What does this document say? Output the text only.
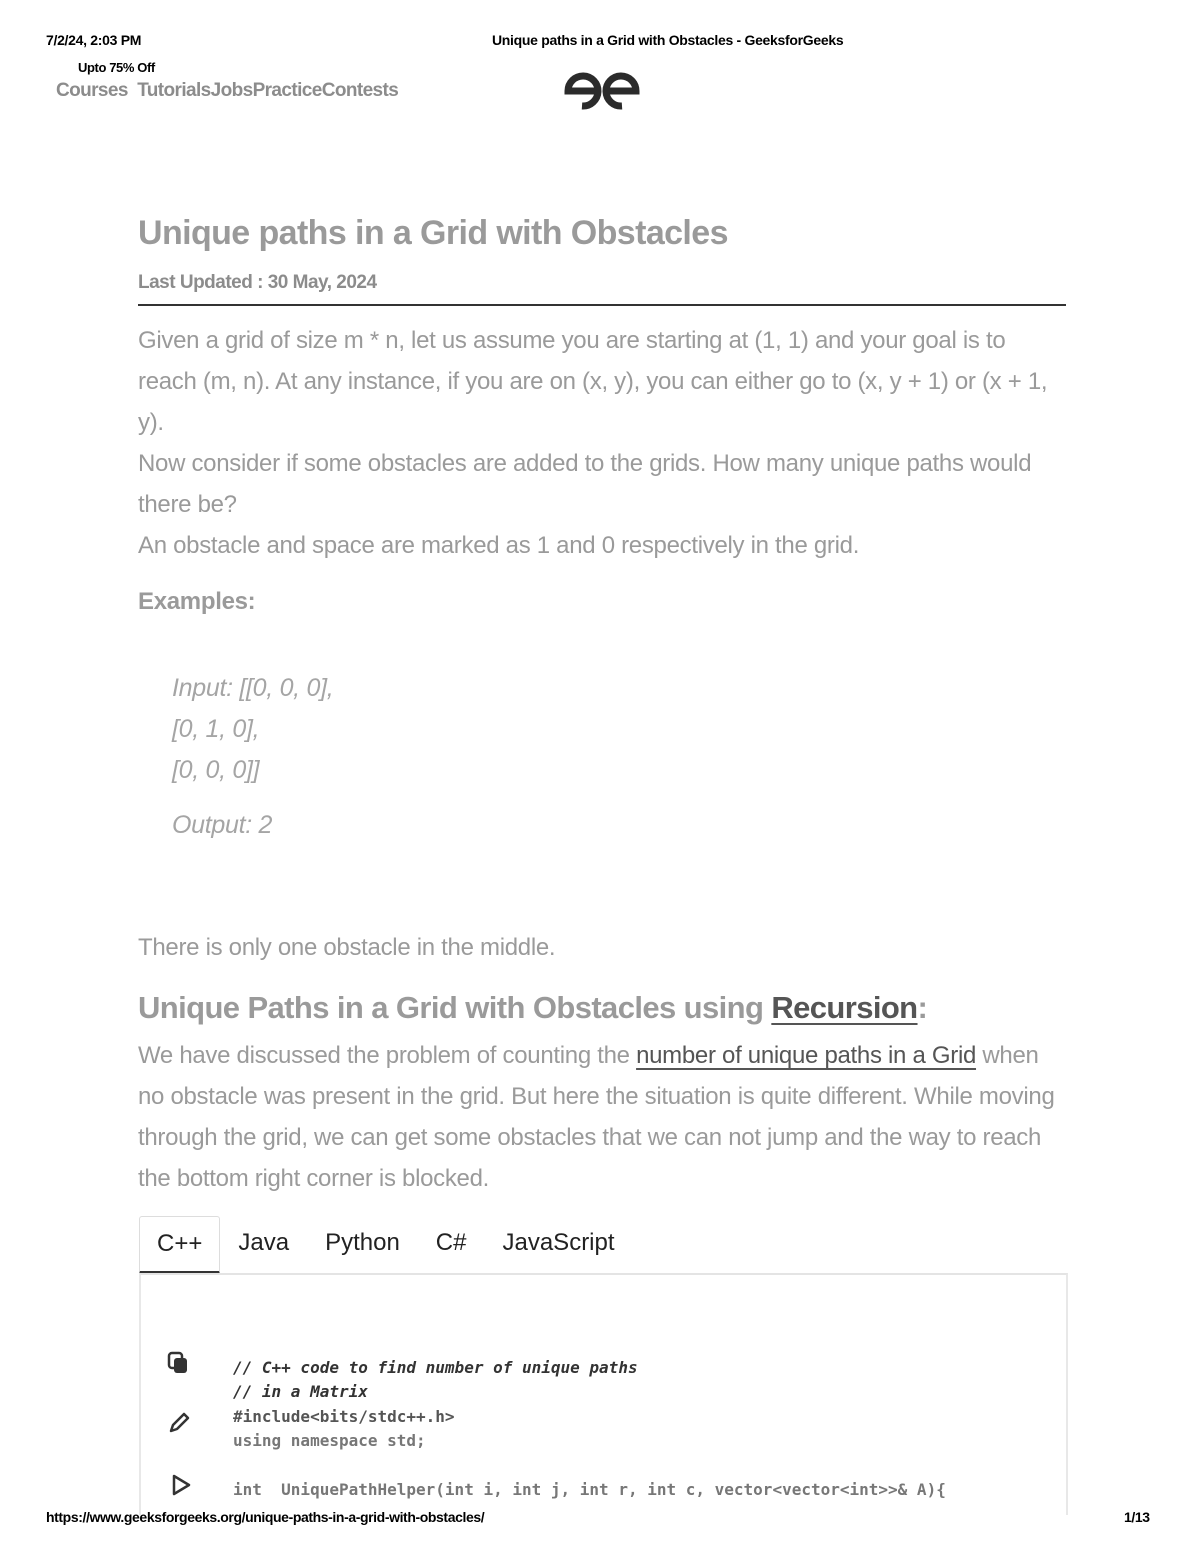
7/2/24, 2:03 PM	Unique paths in a Grid with Obstacles - GeeksforGeeks
Upto 75% Off
Courses TutorialsJobsPracticeContests
Unique paths in a Grid with Obstacles
Last Updated : 30 May, 2024

Given a grid of size m * n, let us assume you are starting at (1, 1) and your goal is to reach (m, n). At any instance, if you are on (x, y), you can either go to (x, y + 1) or (x + 1, y).

Now consider if some obstacles are added to the grids. How many unique paths would there be?

An obstacle and space are marked as 1 and 0 respectively in the grid.

Examples:
Input: [[0, 0, 0],
[0, 1, 0],
[0, 0, 0]]
Output: 2
There is only one obstacle in the middle.
Unique Paths in a Grid with Obstacles using Recursion:
We have discussed the problem of counting the number of unique paths in a Grid when no obstacle was present in the grid. But here the situation is quite different. While moving through the grid, we can get some obstacles that we can not jump and the way to reach the bottom right corner is blocked.
C++	Java	Python	C#	JavaScript

// C++ code to find number of unique paths
// in a Matrix
#include<bits/stdc++.h>
using namespace std;
int  UniquePathHelper(int i, int j, int r, int c, vector<vector<int>>& A){

https://www.geeksforgeeks.org/unique-paths-in-a-grid-with-obstacles/	1/13
